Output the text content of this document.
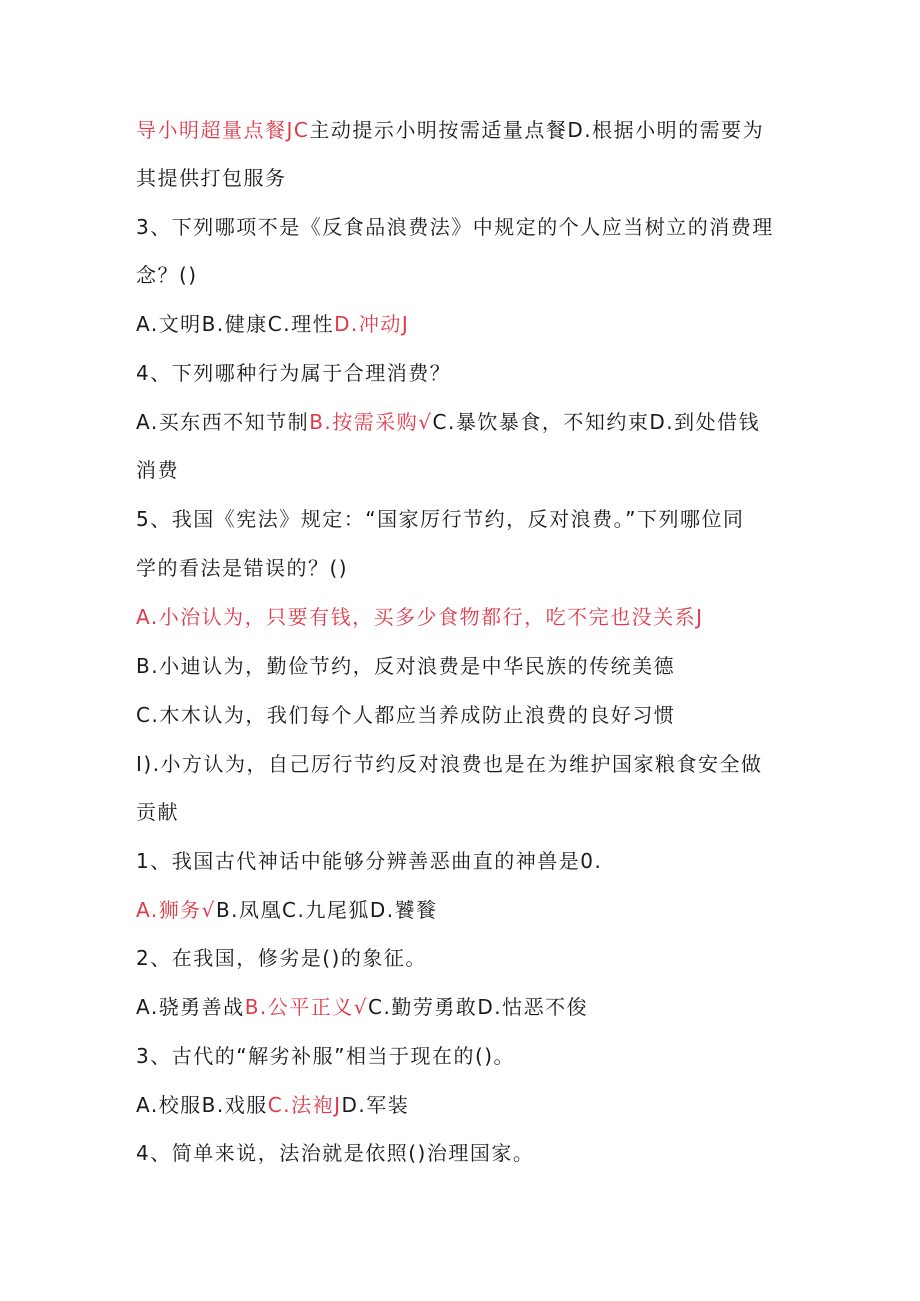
导小明超量点餐JC主动提示小明按需适量点餐D.根据小明的需要为
其提供打包服务
3、下列哪项不是《反食品浪费法》中规定的个人应当树立的消费理
念？()
A.文明B.健康C.理性D.冲动J
4、下列哪种行为属于合理消费？
A.买东西不知节制B.按需采购√C.暴饮暴食，不知约束D.到处借钱
消费
5、我国《宪法》规定：“国家厉行节约，反对浪费。”下列哪位同
学的看法是错误的？()
A.小治认为，只要有钱，买多少食物都行，吃不完也没关系J
B.小迪认为，勤俭节约，反对浪费是中华民族的传统美德
C.木木认为，我们每个人都应当养成防止浪费的良好习惯
I).小方认为，自己厉行节约反对浪费也是在为维护国家粮食安全做
贡献
1、我国古代神话中能够分辨善恶曲直的神兽是0.
A.狮务√B.凤凰C.九尾狐D.饕餮
2、在我国，修劣是()的象征。
A.骁勇善战B.公平正义√C.勤劳勇敢D.怙恶不俊
3、古代的“解劣补服”相当于现在的()。
A.校服B.戏服C.法袍JD.军装
4、简单来说，法治就是依照()治理国家。
